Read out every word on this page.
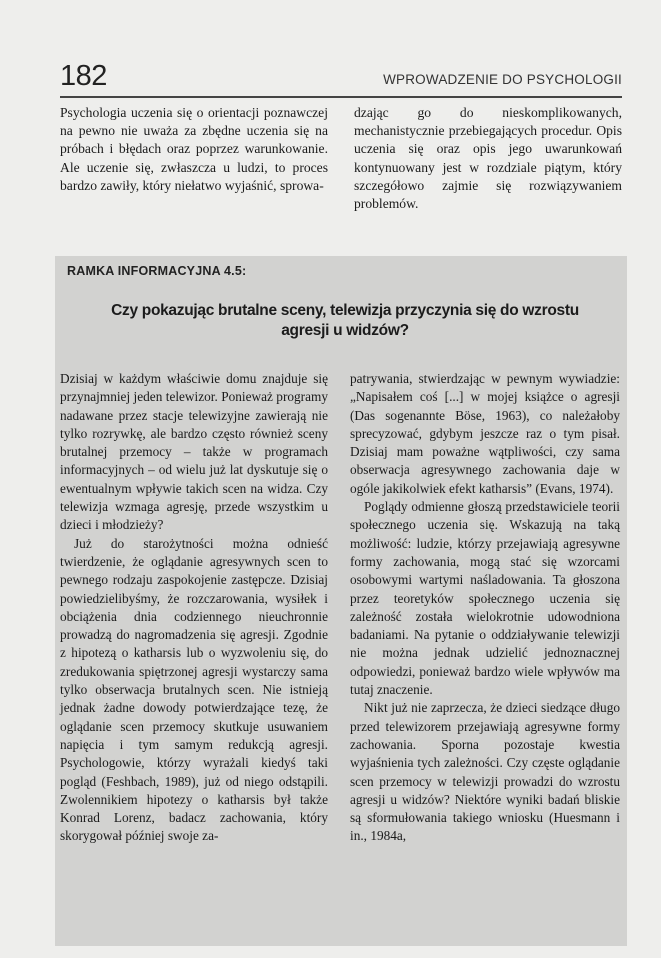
182	WPROWADZENIE DO PSYCHOLOGII

Psychologia uczenia się o orientacji poznawczej na pewno nie uważa za zbędne uczenia się na próbach i błędach oraz poprzez warunkowanie. Ale uczenie się, zwłaszcza u ludzi, to proces bardzo zawiły, który niełatwo wyjaśnić, sprowa-

dzając go do nieskomplikowanych, mechanistycznie przebiegających procedur. Opis uczenia się oraz opis jego uwarunkowań kontynuowany jest w rozdziale piątym, który szczegółowo zajmie się rozwiązywaniem problemów.

RAMKA INFORMACYJNA 4.5:
Czy pokazując brutalne sceny, telewizja przyczynia się do wzrostu agresji u widzów?

Dzisiaj w każdym właściwie domu znajduje się przynajmniej jeden telewizor. Ponieważ programy nadawane przez stacje telewizyjne zawierają nie tylko rozrywkę, ale bardzo często również sceny brutalnej przemocy – także w programach informacyjnych – od wielu już lat dyskutuje się o ewentualnym wpływie takich scen na widza. Czy telewizja wzmaga agresję, przede wszystkim u dzieci i młodzieży?

Już do starożytności można odnieść twierdzenie, że oglądanie agresywnych scen to pewnego rodzaju zaspokojenie zastępcze. Dzisiaj powiedzielibyśmy, że rozczarowania, wysiłek i obciążenia dnia codziennego nieuchronnie prowadzą do nagromadzenia się agresji. Zgodnie z hipotezą o katharsis lub o wyzwoleniu się, do zredukowania spiętrzonej agresji wystarczy sama tylko obserwacja brutalnych scen. Nie istnieją jednak żadne dowody potwierdzające tezę, że oglądanie scen przemocy skutkuje usuwaniem napięcia i tym samym redukcją agresji. Psychologowie, którzy wyrażali kiedyś taki pogląd (Feshbach, 1989), już od niego odstąpili. Zwolennikiem hipotezy o katharsis był także Konrad Lorenz, badacz zachowania, który skorygował później swoje za-

patrywania, stwierdzając w pewnym wywiadzie: „Napisałem coś [...] w mojej książce o agresji (Das sogenannte Böse, 1963), co należałoby sprecyzować, gdybym jeszcze raz o tym pisał. Dzisiaj mam poważne wątpliwości, czy sama obserwacja agresywnego zachowania daje w ogóle jakikolwiek efekt katharsis” (Evans, 1974).

Poglądy odmienne głoszą przedstawiciele teorii społecznego uczenia się. Wskazują na taką możliwość: ludzie, którzy przejawiają agresywne formy zachowania, mogą stać się wzorcami osobowymi wartymi naśladowania. Ta głoszona przez teoretyków społecznego uczenia się zależność została wielokrotnie udowodniona badaniami. Na pytanie o oddziaływanie telewizji nie można jednak udzielić jednoznacznej odpowiedzi, ponieważ bardzo wiele wpływów ma tutaj znaczenie.

Nikt już nie zaprzecza, że dzieci siedzące długo przed telewizorem przejawiają agresywne formy zachowania. Sporna pozostaje kwestia wyjaśnienia tych zależności. Czy częste oglądanie scen przemocy w telewizji prowadzi do wzrostu agresji u widzów? Niektóre wyniki badań bliskie są sformułowania takiego wniosku (Huesmann i in., 1984a,
